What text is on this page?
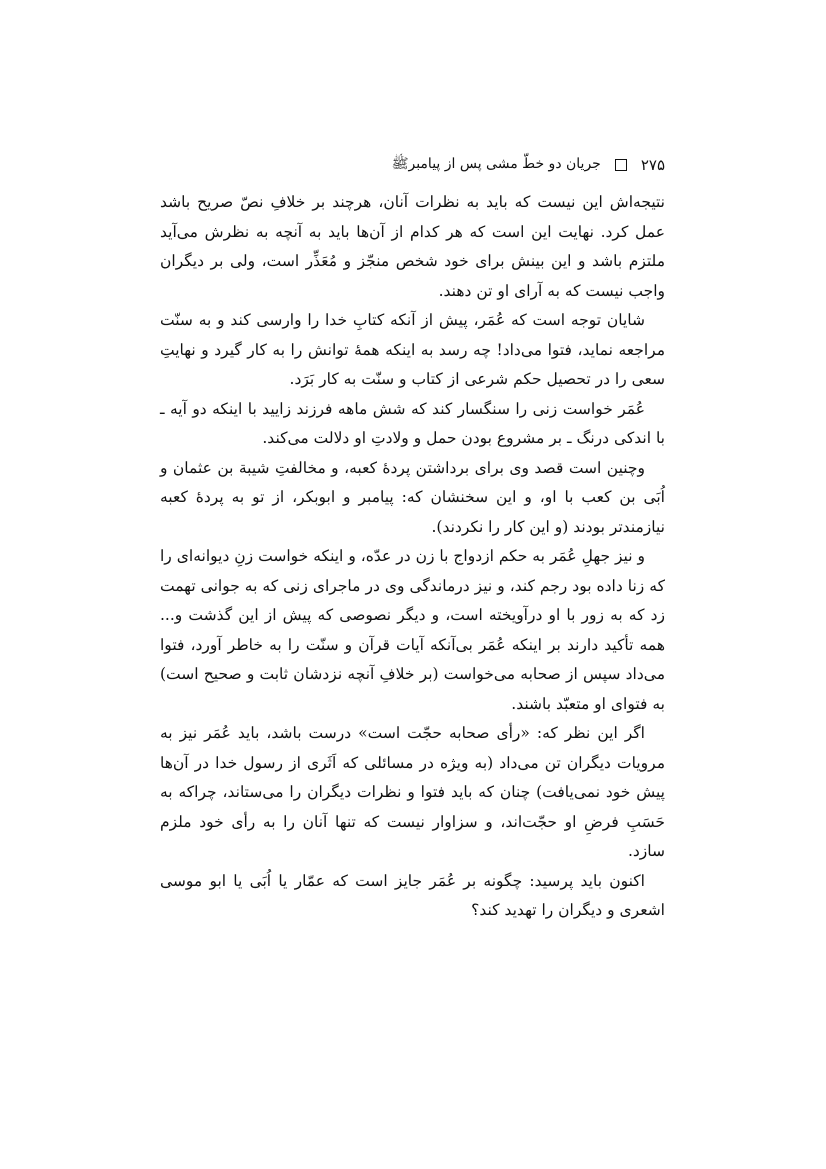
۲۷۵
جریان دو خطّ مشی پس از پیامبرﷺ

نتیجه‌اش این نیست که باید به نظرات آنان، هرچند بر خلافِ نصّ صریح باشد عمل کرد. نهایت این است که هر کدام از آن‌ها باید به آنچه به نظرش می‌آید ملتزم باشد و این بینش برای خود شخص منجّز و مُعَذِّر است، ولی بر دیگران واجب نیست که به آرای او تن دهند.

شایان توجه است که عُمَر، پیش از آنکه کتابِ خدا را وارسی کند و به سنّت مراجعه نماید، فتوا می‌داد! چه رسد به اینکه همهٔ توانش را به کار گیرد و نهایتِ سعی را در تحصیل حکم شرعی از کتاب و سنّت به کار بَرَد.

عُمَر خواست زنی را سنگسار کند که شش ماهه فرزند زایید با اینکه دو آیه ـ با اندکی درنگ ـ بر مشروع بودن حمل و ولادتِ او دلالت می‌کند.

وچنین است قصد وی برای برداشتن پردهٔ کعبه، و مخالفتِ شیبة بن عثمان و اُبَی بن کعب با او، و این سخنشان که: پیامبر و ابوبکر، از تو به پردهٔ کعبه نیازمندتر بودند (و این کار را نکردند).

و نیز جهلِ عُمَر به حکم ازدواج با زن در عدّه، و اینکه خواست زنِ دیوانه‌ای را که زنا داده بود رجم کند، و نیز درماندگی وی در ماجرای زنی که به جوانی تهمت زد که به زور با او درآویخته است، و دیگر نصوصی که پیش از این گذشت و... همه تأکید دارند بر اینکه عُمَر بی‌آنکه آیات قرآن و سنّت را به خاطر آورد، فتوا می‌داد سپس از صحابه می‌خواست (بر خلافِ آنچه نزدشان ثابت و صحیح است) به فتوای او متعبّد باشند.

اگر این نظر که: «رأی صحابه حجّت است» درست باشد، باید عُمَر نیز به مرویات دیگران تن می‌داد (به ویژه در مسائلی که اَثَری از رسول خدا در آن‌ها پیش خود نمی‌یافت) چنان که باید فتوا و نظرات دیگران را می‌ستاند، چراکه به حَسَبِ فرضِ او حجّت‌اند، و سزاوار نیست که تنها آنان را به رأی خود ملزم سازد.

اکنون باید پرسید: چگونه بر عُمَر جایز است که عمّار یا اُبَی یا ابو موسی اشعری و دیگران را تهدید کند؟
